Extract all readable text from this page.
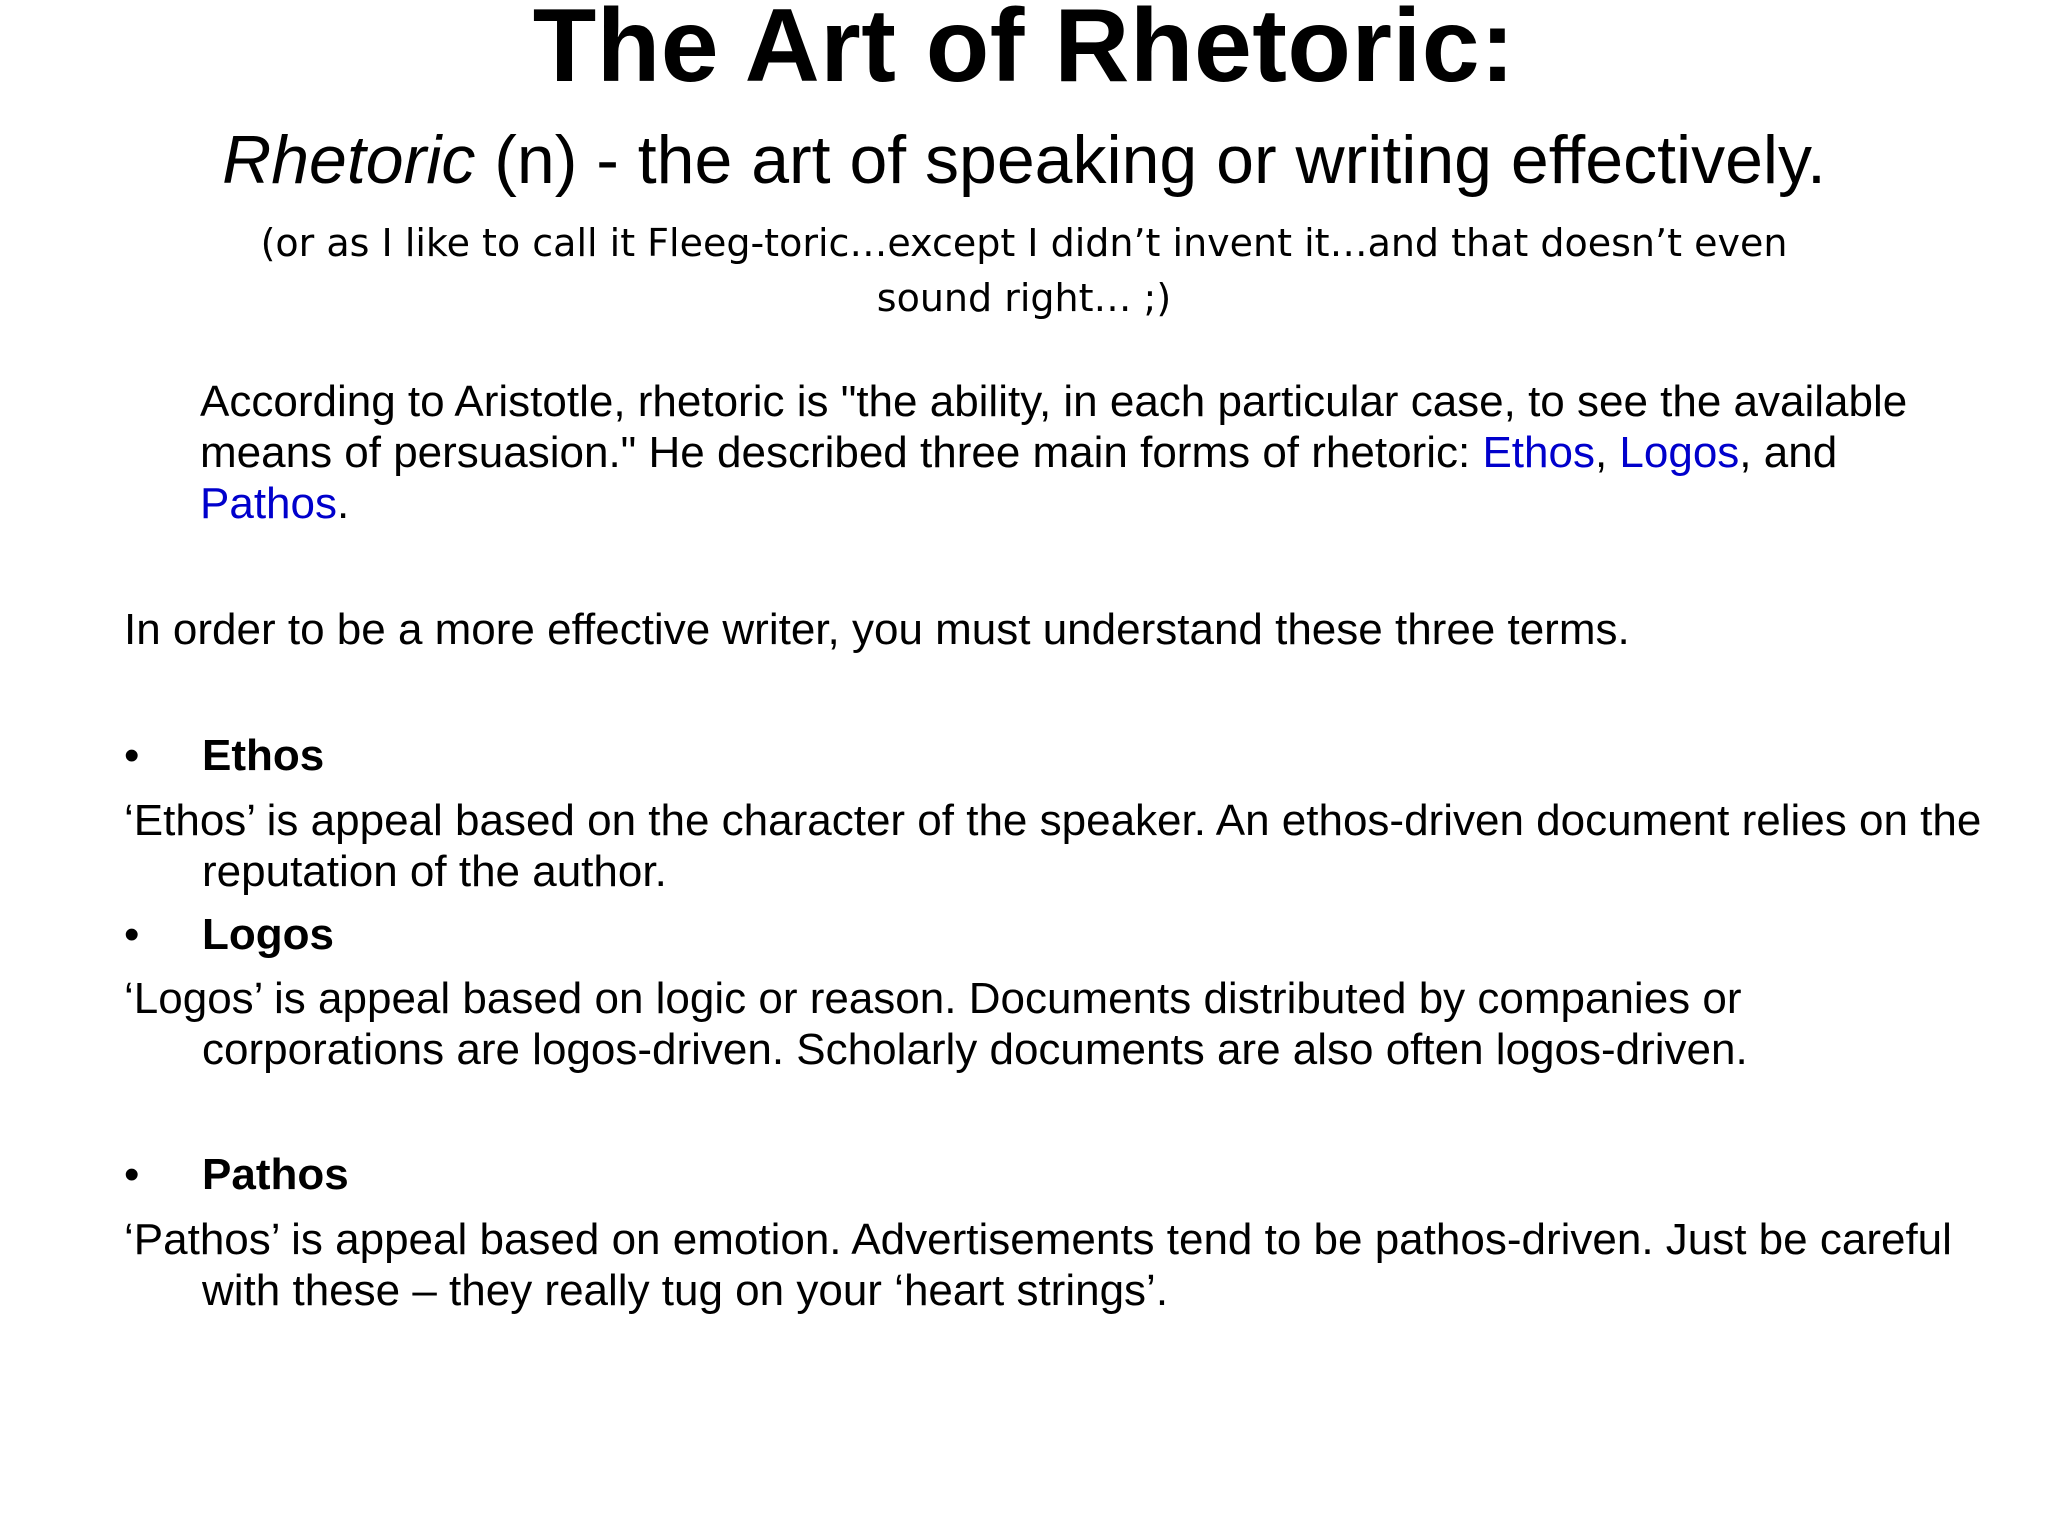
The Art of Rhetoric:
Rhetoric (n) - the art of speaking or writing effectively.
(or as I like to call it Fleeg-toric…except I didn’t invent it…and that doesn’t even sound right… ;)
According to Aristotle, rhetoric is "the ability, in each particular case, to see the available means of persuasion." He described three main forms of rhetoric: Ethos, Logos, and Pathos.
In order to be a more effective writer, you must understand these three terms.
• Ethos
‘Ethos’ is appeal based on the character of the speaker. An ethos-driven document relies on the reputation of the author.
• Logos
‘Logos’ is appeal based on logic or reason. Documents distributed by companies or corporations are logos-driven. Scholarly documents are also often logos-driven.
• Pathos
‘Pathos’ is appeal based on emotion. Advertisements tend to be pathos-driven. Just be careful with these – they really tug on your ‘heart strings’.
